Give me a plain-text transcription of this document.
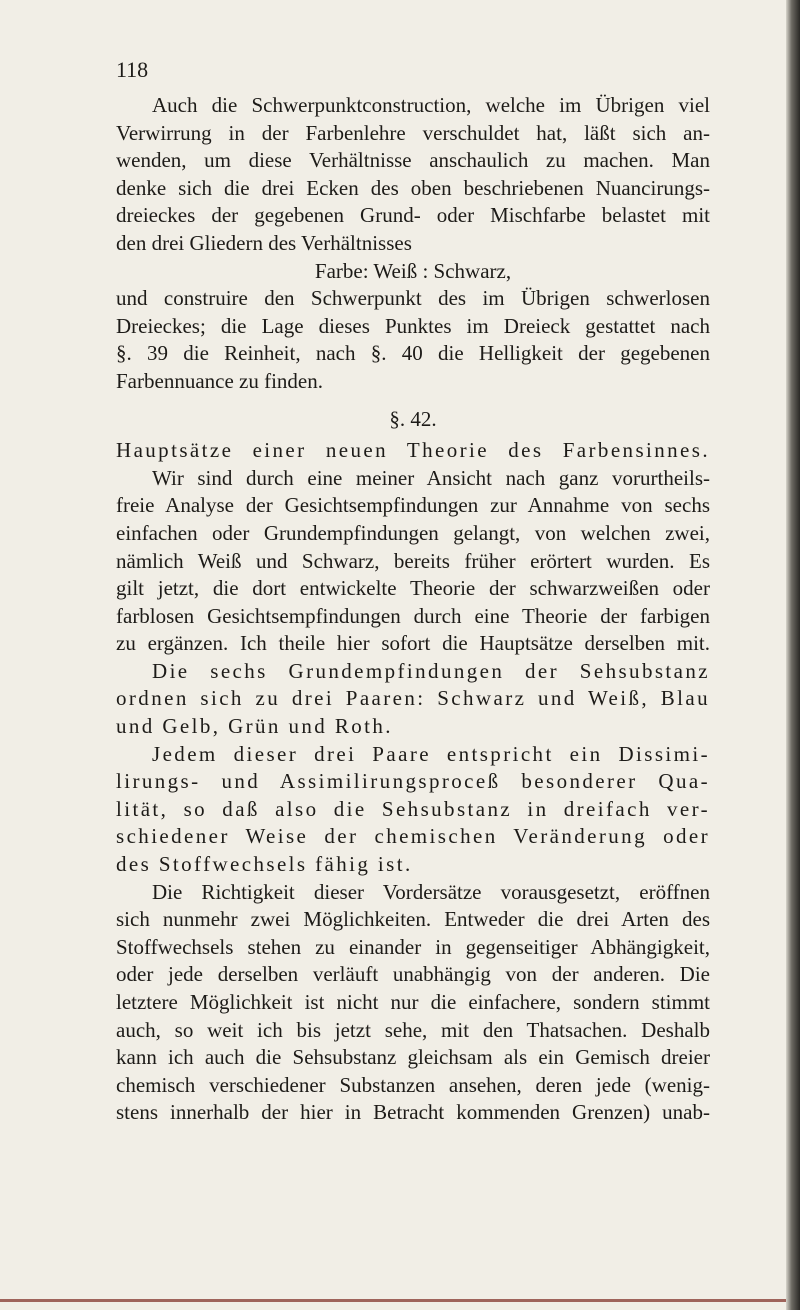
118
Auch die Schwerpunktconstruction, welche im Übrigen viel
Verwirrung in der Farbenlehre verschuldet hat, läßt sich an-
wenden, um diese Verhältnisse anschaulich zu machen. Man
denke sich die drei Ecken des oben beschriebenen Nuancirungs-
dreieckes der gegebenen Grund- oder Mischfarbe belastet mit
den drei Gliedern des Verhältnisses
Farbe: Weiß : Schwarz,
und construire den Schwerpunkt des im Übrigen schwerlosen
Dreieckes; die Lage dieses Punktes im Dreieck gestattet nach
§. 39 die Reinheit, nach §. 40 die Helligkeit der gegebenen
Farbennuance zu finden.
§. 42.
Hauptsätze einer neuen Theorie des Farbensinnes.
Wir sind durch eine meiner Ansicht nach ganz vorurtheils-
freie Analyse der Gesichtsempfindungen zur Annahme von sechs
einfachen oder Grundempfindungen gelangt, von welchen zwei,
nämlich Weiß und Schwarz, bereits früher erörtert wurden. Es
gilt jetzt, die dort entwickelte Theorie der schwarzweißen oder
farblosen Gesichtsempfindungen durch eine Theorie der farbigen
zu ergänzen. Ich theile hier sofort die Hauptsätze derselben mit.
Die sechs Grundempfindungen der Sehsubstanz
ordnen sich zu drei Paaren: Schwarz und Weiß, Blau
und Gelb, Grün und Roth.
Jedem dieser drei Paare entspricht ein Dissimi-
lirungs- und Assimilirungsproceß besonderer Qua-
lität, so daß also die Sehsubstanz in dreifach ver-
schiedener Weise der chemischen Veränderung oder
des Stoffwechsels fähig ist.
Die Richtigkeit dieser Vordersätze vorausgesetzt, eröffnen
sich nunmehr zwei Möglichkeiten. Entweder die drei Arten des
Stoffwechsels stehen zu einander in gegenseitiger Abhängigkeit,
oder jede derselben verläuft unabhängig von der anderen. Die
letztere Möglichkeit ist nicht nur die einfachere, sondern stimmt
auch, so weit ich bis jetzt sehe, mit den Thatsachen. Deshalb
kann ich auch die Sehsubstanz gleichsam als ein Gemisch dreier
chemisch verschiedener Substanzen ansehen, deren jede (wenig-
stens innerhalb der hier in Betracht kommenden Grenzen) unab-
